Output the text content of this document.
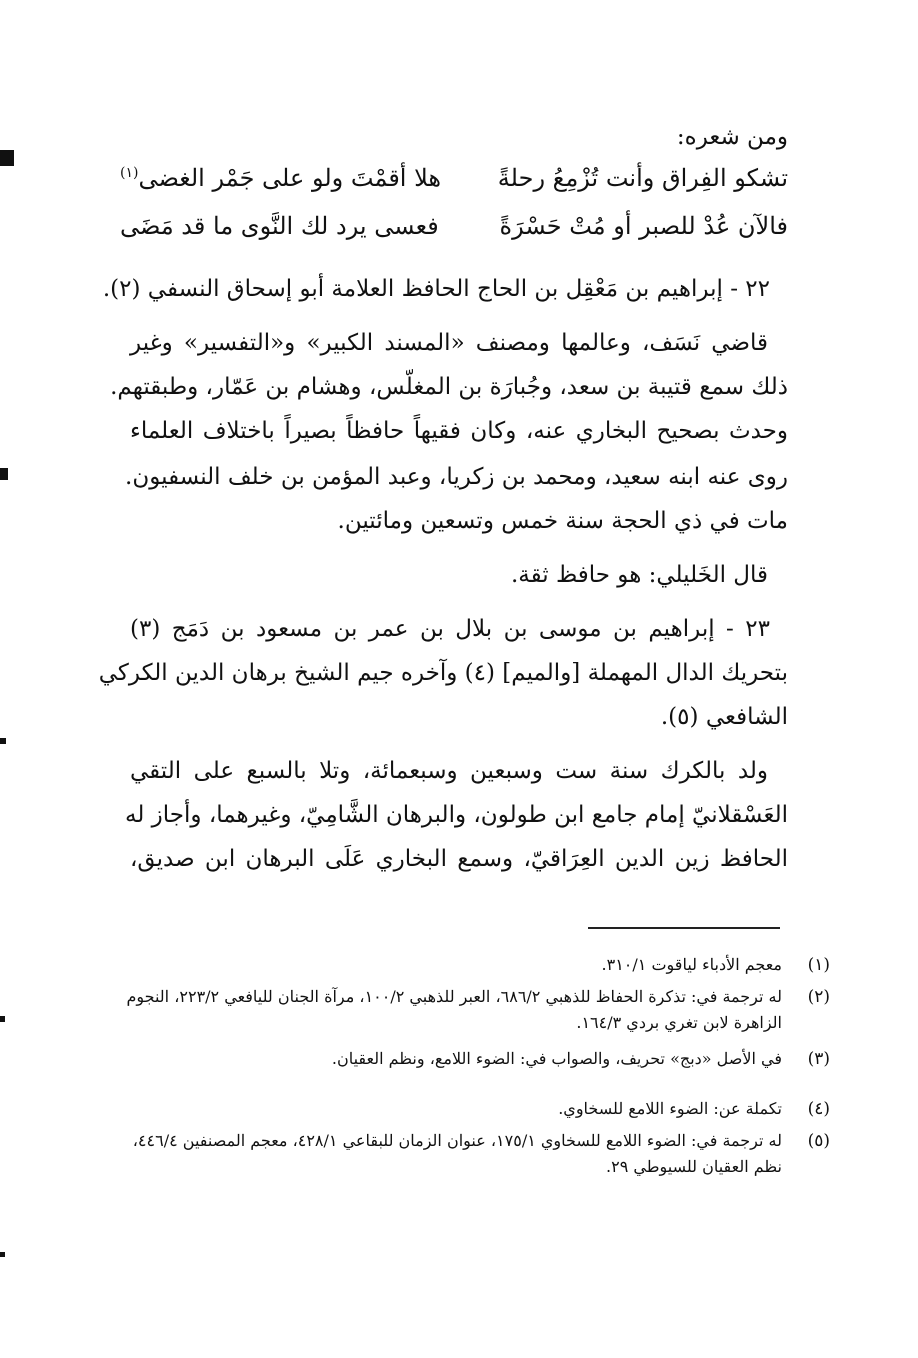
ومن شعره:
تشكو الفِراق وأنت تُزْمِعُ رحلةً
هلا أقمْتَ ولو على جَمْر الغضى$^{(١)}$
فالآن عُدْ للصبر أو مُتْ حَسْرَةً
فعسى يرد لك النَّوى ما قد مَضَى
٢٢ - إبراهيم بن مَعْقِل بن الحاج الحافظ العلامة أبو إسحاق النسفي (٢).
قاضي نَسَف، وعالمها ومصنف «المسند الكبير» و«التفسير» وغير
ذلك سمع قتيبة بن سعد، وجُبارَة بن المغلّس، وهشام بن عَمّار، وطبقتهم.
وحدث بصحيح البخاري عنه، وكان فقيهاً حافظاً بصيراً باختلاف العلماء
روى عنه ابنه سعيد، ومحمد بن زكريا، وعبد المؤمن بن خلف النسفيون.
مات في ذي الحجة سنة خمس وتسعين ومائتين.
قال الخَليلي: هو حافظ ثقة.
٢٣ - إبراهيم بن موسى بن بلال بن عمر بن مسعود بن دَمَج (٣)
بتحريك الدال المهملة [والميم] (٤) وآخره جيم الشيخ برهان الدين الكركي
الشافعي (٥).
ولد بالكرك سنة ست وسبعين وسبعمائة، وتلا بالسبع على التقي
العَسْقلانيّ إمام جامع ابن طولون، والبرهان الشَّامِيّ، وغيرهما، وأجاز له
الحافظ زين الدين العِرَاقيّ، وسمع البخاري عَلَى البرهان ابن صديق،
(١)
معجم الأدباء لياقوت ٣١٠/١.
(٢)
له ترجمة في: تذكرة الحفاظ للذهبي ٦٨٦/٢، العبر للذهبي ١٠٠/٢، مرآة الجنان لليافعي ٢٢٣/٢، النجوم الزاهرة لابن تغري بردي ١٦٤/٣.
(٣)
في الأصل «دبج» تحريف، والصواب في: الضوء اللامع، ونظم العقيان.
(٤)
تكملة عن: الضوء اللامع للسخاوي.
(٥)
له ترجمة في: الضوء اللامع للسخاوي ١٧٥/١، عنوان الزمان للبقاعي ٤٢٨/١، معجم المصنفين ٤٤٦/٤، نظم العقيان للسيوطي ٢٩.
